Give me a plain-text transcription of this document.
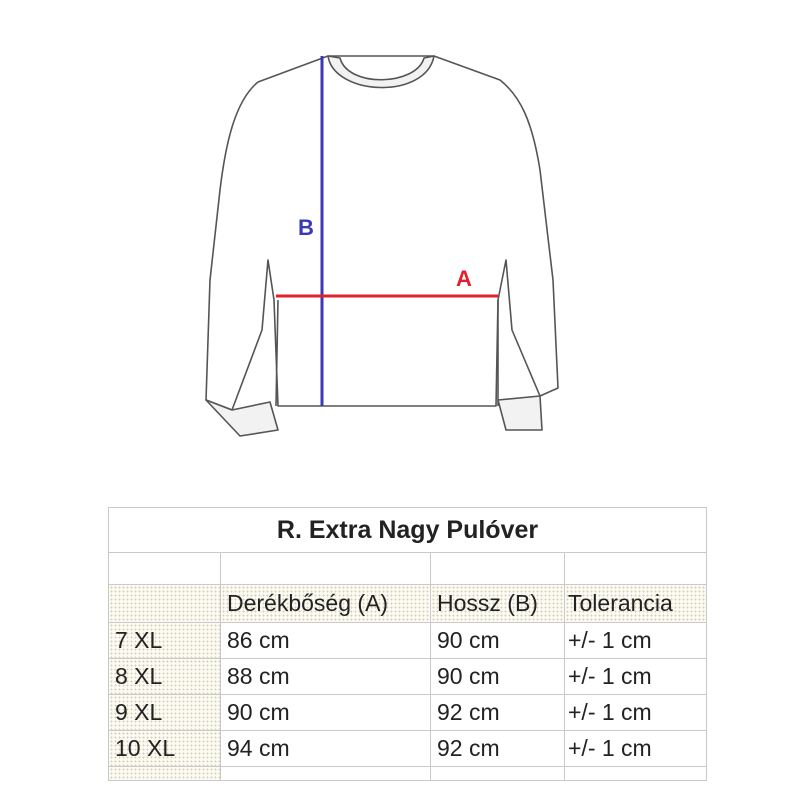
B
A
R. Extra Nagy Pulóver			

	Derékbőség (A)	Hossz (B)	Tolerancia
7 XL	86 cm	90 cm	+/- 1 cm
8 XL	88 cm	90 cm	+/- 1 cm
9 XL	90 cm	92 cm	+/- 1 cm
10 XL	94 cm	92 cm	+/- 1 cm
